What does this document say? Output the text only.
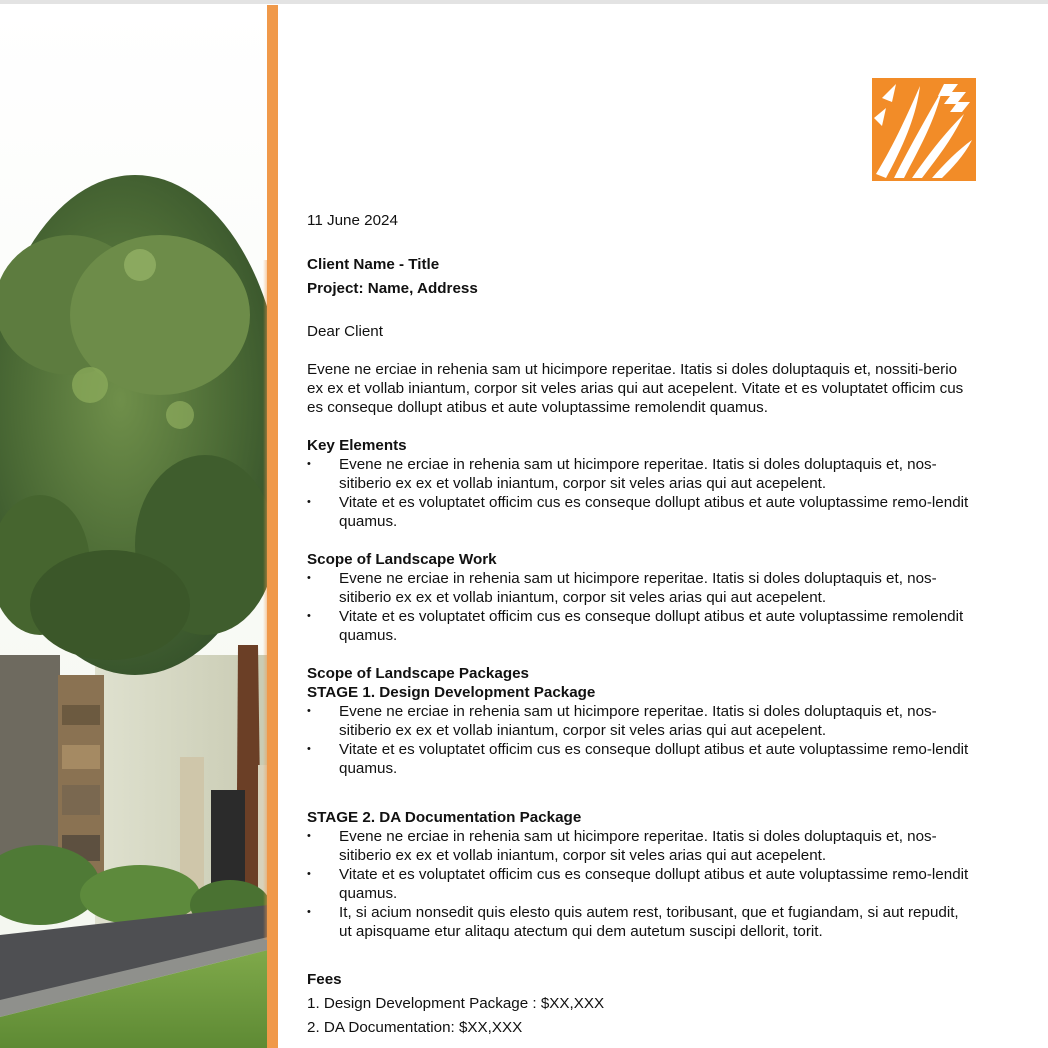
11 June 2024
Client Name - Title
Project: Name, Address
Dear Client

Evene ne erciae in rehenia sam ut hicimpore reperitae. Itatis si doles doluptaquis et, nossiti-berio ex ex et vollab iniantum, corpor sit veles arias qui aut acepelent. Vitate et es voluptatet officim cus es conseque dollupt atibus et aute voluptassime remolendit quamus.

Key Elements
• Evene ne erciae in rehenia sam ut hicimpore reperitae. Itatis si doles doluptaquis et, nos-sitiberio ex ex et vollab iniantum, corpor sit veles arias qui aut acepelent.
• Vitate et es voluptatet officim cus es conseque dollupt atibus et aute voluptassime remo-lendit quamus.
Scope of Landscape Work
• Evene ne erciae in rehenia sam ut hicimpore reperitae. Itatis si doles doluptaquis et, nos-sitiberio ex ex et vollab iniantum, corpor sit veles arias qui aut acepelent.
• Vitate et es voluptatet officim cus es conseque dollupt atibus et aute voluptassime remolendit quamus.
Scope of Landscape Packages
STAGE 1. Design Development Package
• Evene ne erciae in rehenia sam ut hicimpore reperitae. Itatis si doles doluptaquis et, nos-sitiberio ex ex et vollab iniantum, corpor sit veles arias qui aut acepelent.
• Vitate et es voluptatet officim cus es conseque dollupt atibus et aute voluptassime remo-lendit quamus.
STAGE 2. DA Documentation Package
• Evene ne erciae in rehenia sam ut hicimpore reperitae. Itatis si doles doluptaquis et, nos-sitiberio ex ex et vollab iniantum, corpor sit veles arias qui aut acepelent.
• Vitate et es voluptatet officim cus es conseque dollupt atibus et aute voluptassime remo-lendit quamus.
• It, si acium nonsedit quis elesto quis autem rest, toribusant, que et fugiandam, si aut repudit, ut apisquame etur alitaqu atectum qui dem autetum suscipi dellorit, torit.
Fees
1. Design Development Package : $XX,XXX
2. DA Documentation: $XX,XXX
